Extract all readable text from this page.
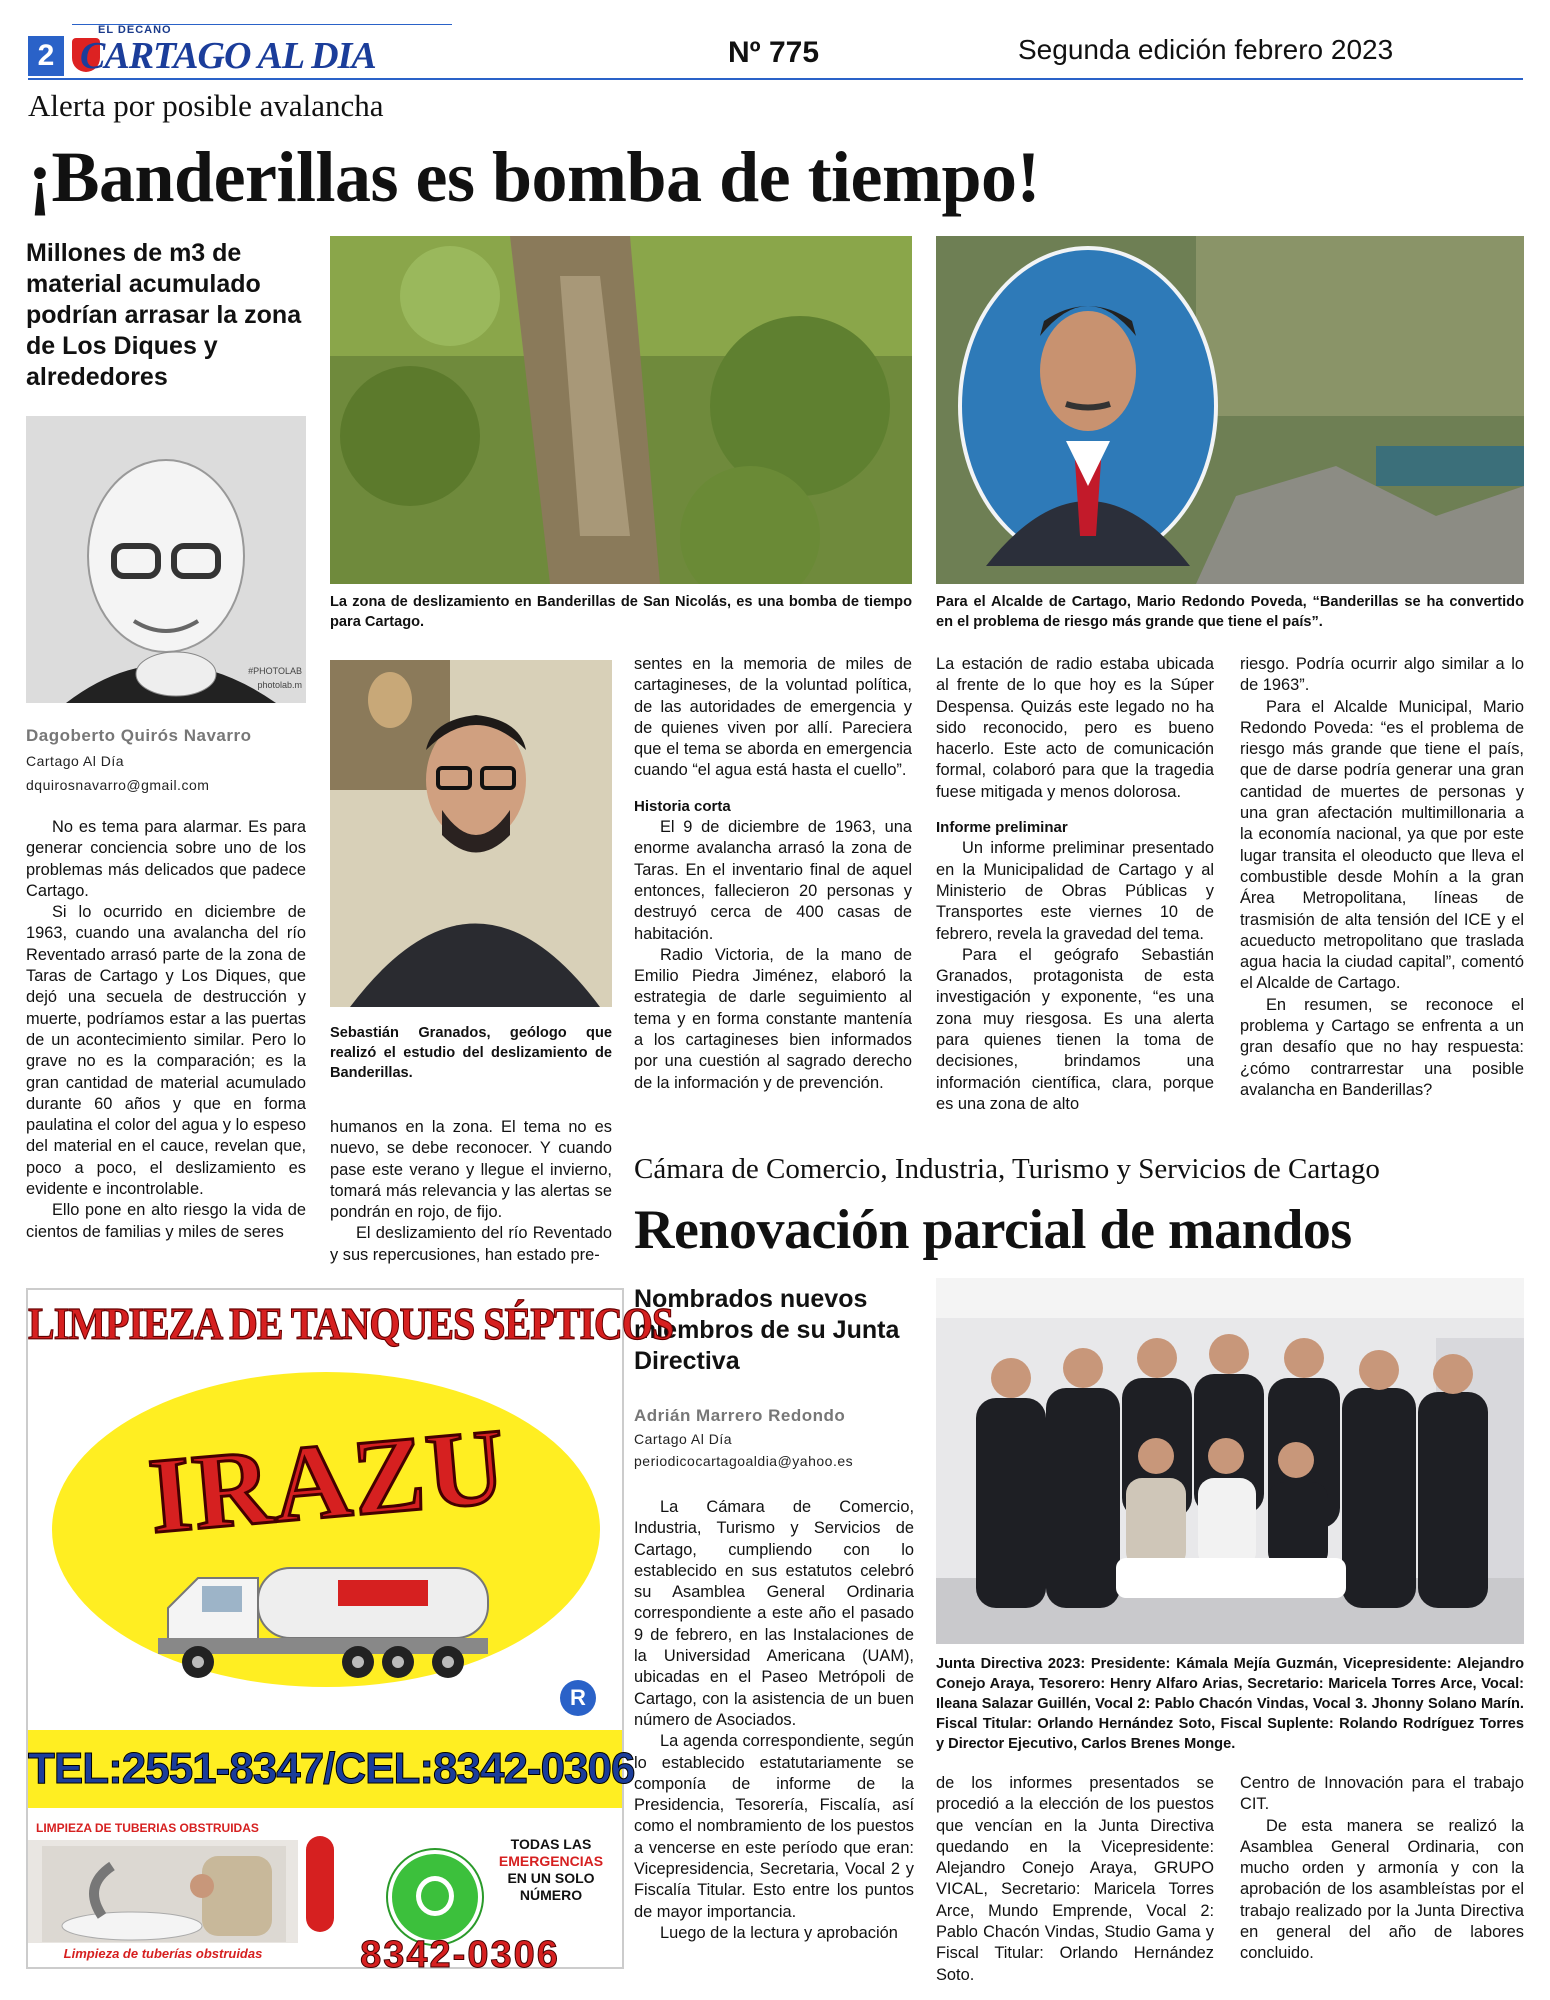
2
EL DECANO
CARTAGO AL DIA	Nº 775	Segunda edición febrero 2023
Alerta por posible avalancha
¡Banderillas es bomba de tiempo!
Millones de m3 de material acumulado podrían arrasar la zona de Los Diques y alrededores
#PHOTOLAB
photolab.m
Dagoberto Quirós Navarro
Cartago Al Día
dquirosnavarro@gmail.com

No es tema para alarmar. Es para generar conciencia sobre uno de los problemas más delicados que padece Cartago.

Si lo ocurrido en diciembre de 1963, cuando una avalancha del río Reventado arrasó parte de la zona de Taras de Cartago y Los Diques, que dejó una secuela de destrucción y muerte, podríamos estar a las puertas de un acontecimiento similar. Pero lo grave no es la comparación; es la gran cantidad de material acumulado durante 60 años y que en forma paulatina el color del agua y lo espeso del material en el cauce, revelan que, poco a poco, el deslizamiento es evidente e incontrolable.

Ello pone en alto riesgo la vida de cientos de familias y miles de seres

La zona de deslizamiento en Banderillas de San Nicolás, es una bomba de tiempo para Cartago.
Para el Alcalde de Cartago, Mario Redondo Poveda, “Banderillas se ha convertido en el problema de riesgo más grande que tiene el país”.
Sebastián Granados, geólogo que realizó el estudio del deslizamiento de Banderillas.

humanos en la zona. El tema no es nuevo, se debe reconocer. Y cuando pase este verano y llegue el invierno, tomará más relevancia y las alertas se pondrán en rojo, de fijo.

El deslizamiento del río Reventado y sus repercusiones, han estado pre-

sentes en la memoria de miles de cartagineses, de la voluntad política, de las autoridades de emergencia y de quienes viven por allí. Pareciera que el tema se aborda en emergencia cuando “el agua está hasta el cuello”.

Historia corta

El 9 de diciembre de 1963, una enorme avalancha arrasó la zona de Taras. En el inventario final de aquel entonces, fallecieron 20 personas y destruyó cerca de 400 casas de habitación.

Radio Victoria, de la mano de Emilio Piedra Jiménez, elaboró la estrategia de darle seguimiento al tema y en forma constante mantenía a los cartagineses bien informados por una cuestión al sagrado derecho de la información y de prevención.

La estación de radio estaba ubicada al frente de lo que hoy es la Súper Despensa. Quizás este legado no ha sido reconocido, pero es bueno hacerlo. Este acto de comunicación formal, colaboró para que la tragedia fuese mitigada y menos dolorosa.

Informe preliminar

Un informe preliminar presentado en la Municipalidad de Cartago y al Ministerio de Obras Públicas y Transportes este viernes 10 de febrero, revela la gravedad del tema.

Para el geógrafo Sebastián Granados, protagonista de esta investigación y exponente, “es una zona muy riesgosa. Es una alerta para quienes tienen la toma de decisiones, brindamos una información científica, clara, porque es una zona de alto

riesgo. Podría ocurrir algo similar a lo de 1963”.

Para el Alcalde Municipal, Mario Redondo Poveda: “es el problema de riesgo más grande que tiene el país, que de darse podría generar una gran cantidad de muertes de personas y una gran afectación multimillonaria a la economía nacional, ya que por este lugar transita el oleoducto que lleva el combustible desde Mohín a la gran Área Metropolitana, líneas de trasmisión de alta tensión del ICE y el acueducto metropolitano que traslada agua hacia la ciudad capital”, comentó el Alcalde de Cartago.

En resumen, se reconoce el problema y Cartago se enfrenta a un gran desafío que no hay respuesta: ¿cómo contrarrestar una posible avalancha en Banderillas?

Cámara de Comercio, Industria, Turismo y Servicios de Cartago
Renovación parcial de mandos
Nombrados nuevos miembros de su Junta Directiva
Adrián Marrero Redondo
Cartago Al Día
periodicocartagoaldia@yahoo.es

La Cámara de Comercio, Industria, Turismo y Servicios de Cartago, cumpliendo con lo establecido en sus estatutos celebró su Asamblea General Ordinaria correspondiente a este año el pasado 9 de febrero, en las Instalaciones de la Universidad Americana (UAM), ubicadas en el Paseo Metrópoli de Cartago, con la asistencia de un buen número de Asociados.

La agenda correspondiente, según lo establecido estatutariamente se componía de informe de la Presidencia, Tesorería, Fiscalía, así como el nombramiento de los puestos a vencerse en este período que eran: Vicepresidencia, Secretaria, Vocal 2 y Fiscalía Titular. Esto entre los puntos de mayor importancia.

Luego de la lectura y aprobación

Junta Directiva 2023: Presidente: Kámala Mejía Guzmán, Vicepresidente: Alejandro Conejo Araya, Tesorero: Henry Alfaro Arias, Secretario: Maricela Torres Arce, Vocal: Ileana Salazar Guillén, Vocal 2: Pablo Chacón Vindas, Vocal 3. Jhonny Solano Marín. Fiscal Titular: Orlando Hernández Soto, Fiscal Suplente: Rolando Rodríguez Torres y Director Ejecutivo, Carlos Brenes Monge.

de los informes presentados se procedió a la elección de los puestos que vencían en la Junta Directiva quedando en la Vicepresidente: Alejandro Conejo Araya, GRUPO VICAL, Secretario: Maricela Torres Arce, Mundo Emprende, Vocal 2: Pablo Chacón Vindas, Studio Gama y Fiscal Titular: Orlando Hernández Soto.

Centro de Innovación para el trabajo CIT.

De esta manera se realizó la Asamblea General Ordinaria, con mucho orden y armonía y con la aprobación de los asambleístas por el trabajo realizado por la Junta Directiva en general del año de labores concluido.

LIMPIEZA DE TANQUES SÉPTICOS
IRAZU
R
TEL:2551-8347/CEL:8342-0306
LIMPIEZA DE TUBERIAS OBSTRUIDAS
Limpieza de tuberías obstruidas
TODAS LAS
EMERGENCIAS
EN UN SOLO
NÚMERO
8342-0306
